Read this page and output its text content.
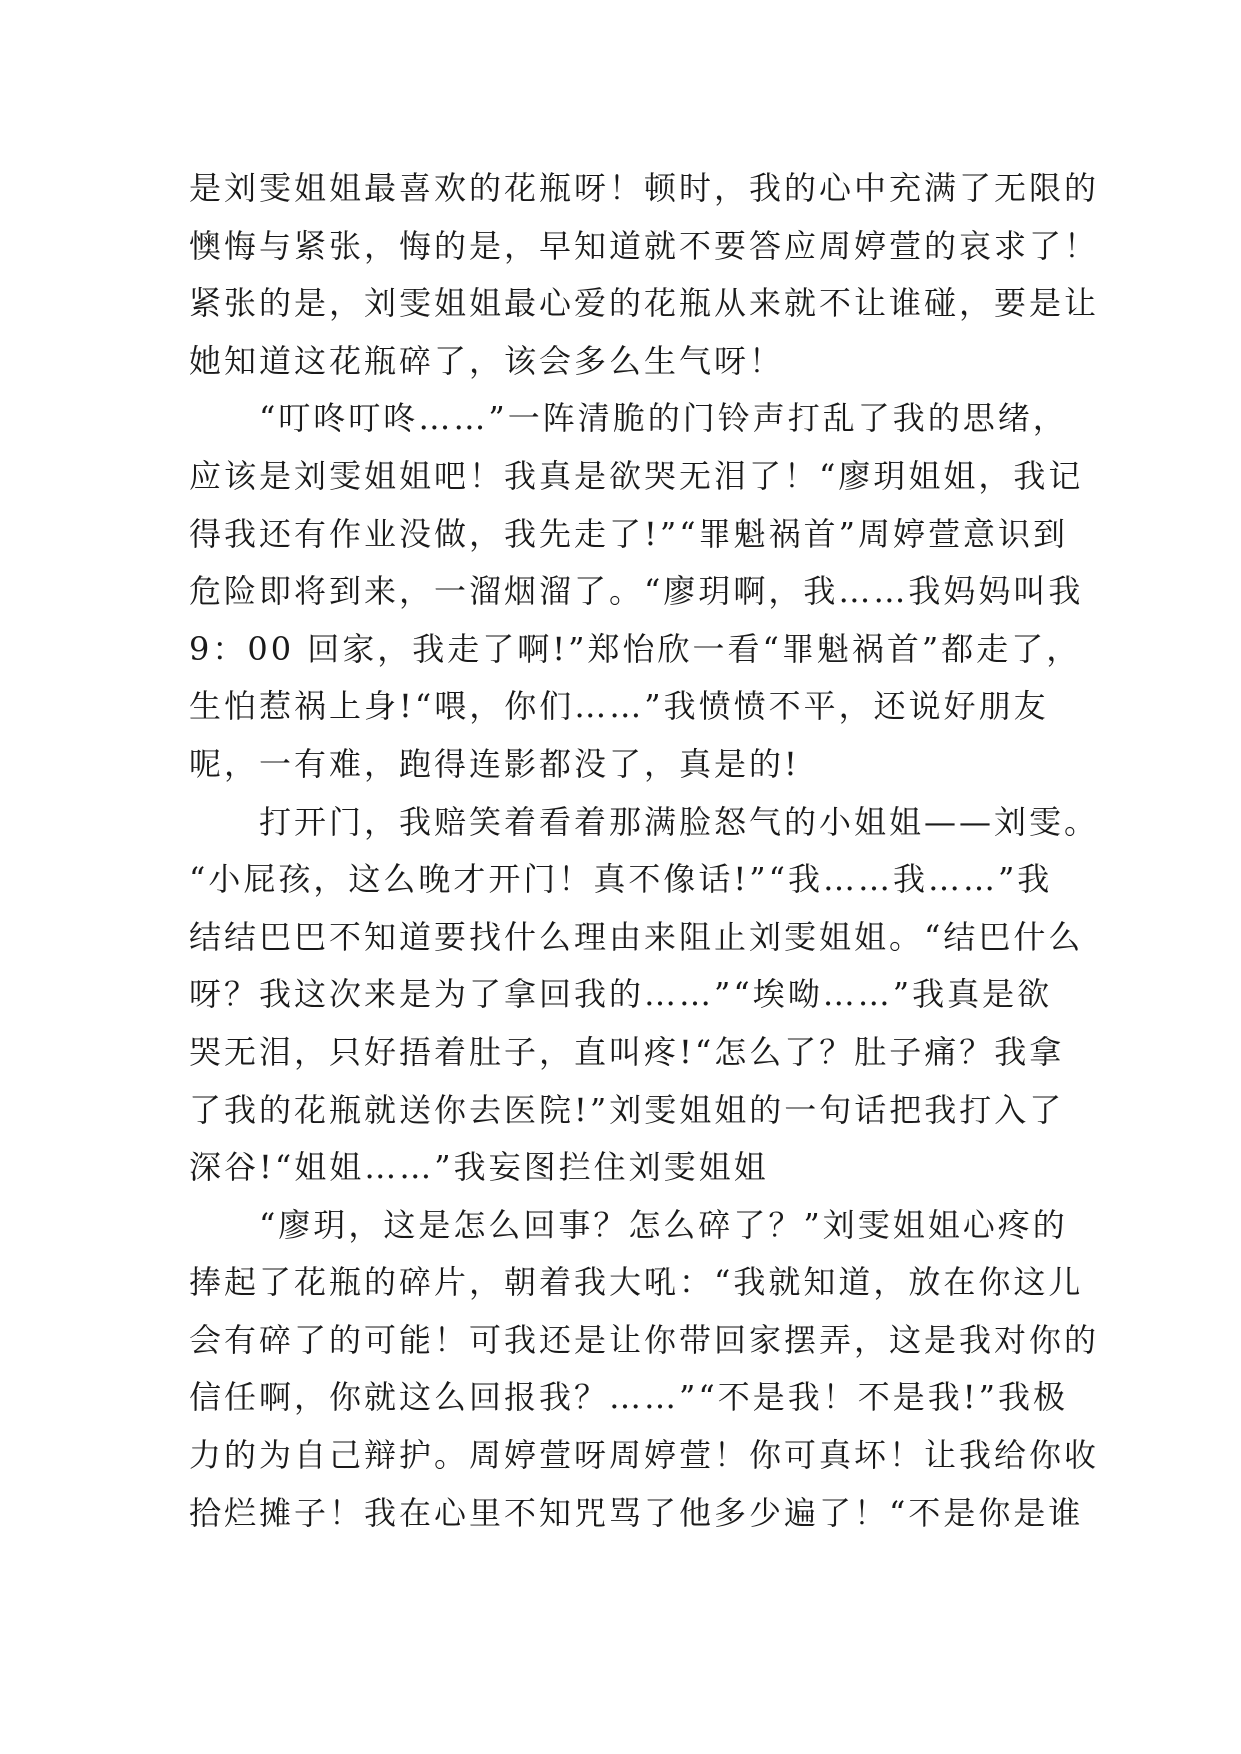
是刘雯姐姐最喜欢的花瓶呀！顿时，我的心中充满了无限的
懊悔与紧张，悔的是，早知道就不要答应周婷萱的哀求了！
紧张的是，刘雯姐姐最心爱的花瓶从来就不让谁碰，要是让
她知道这花瓶碎了，该会多么生气呀！
“叮咚叮咚……”一阵清脆的门铃声打乱了我的思绪，
应该是刘雯姐姐吧！我真是欲哭无泪了！“廖玥姐姐，我记
得我还有作业没做，我先走了!”“罪魁祸首”周婷萱意识到
危险即将到来，一溜烟溜了。“廖玥啊，我……我妈妈叫我
9：00 回家，我走了啊!”郑怡欣一看“罪魁祸首”都走了，
生怕惹祸上身!“喂，你们……”我愤愤不平，还说好朋友
呢，一有难，跑得连影都没了，真是的!
打开门，我赔笑着看着那满脸怒气的小姐姐——刘雯。
“小屁孩，这么晚才开门！真不像话!”“我……我……”我
结结巴巴不知道要找什么理由来阻止刘雯姐姐。“结巴什么
呀？我这次来是为了拿回我的……”“埃呦……”我真是欲
哭无泪，只好捂着肚子，直叫疼!“怎么了？肚子痛？我拿
了我的花瓶就送你去医院!”刘雯姐姐的一句话把我打入了
深谷!“姐姐……”我妄图拦住刘雯姐姐
“廖玥，这是怎么回事？怎么碎了？”刘雯姐姐心疼的
捧起了花瓶的碎片，朝着我大吼：“我就知道，放在你这儿
会有碎了的可能！可我还是让你带回家摆弄，这是我对你的
信任啊，你就这么回报我？……”“不是我！不是我!”我极
力的为自己辩护。周婷萱呀周婷萱！你可真坏！让我给你收
拾烂摊子！我在心里不知咒骂了他多少遍了！“不是你是谁
